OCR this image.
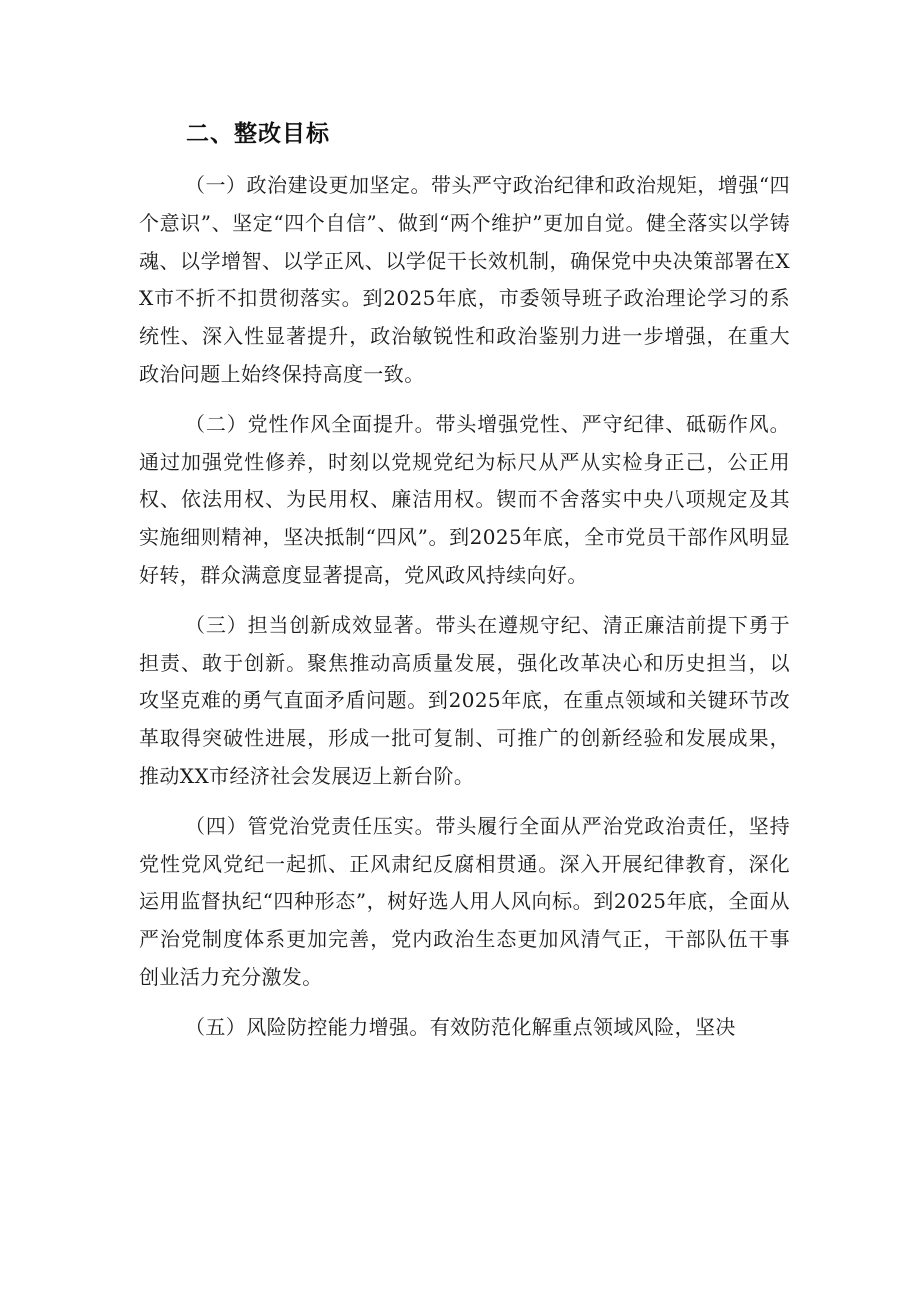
二、整改目标

（一）政治建设更加坚定。带头严守政治纪律和政治规矩，增强“四个意识”、坚定“四个自信”、做到“两个维护”更加自觉。健全落实以学铸魂、以学增智、以学正风、以学促干长效机制，确保党中央决策部署在XX市不折不扣贯彻落实。到2025年底，市委领导班子政治理论学习的系统性、深入性显著提升，政治敏锐性和政治鉴别力进一步增强，在重大政治问题上始终保持高度一致。

（二）党性作风全面提升。带头增强党性、严守纪律、砥砺作风。通过加强党性修养，时刻以党规党纪为标尺从严从实检身正己，公正用权、依法用权、为民用权、廉洁用权。锲而不舍落实中央八项规定及其实施细则精神，坚决抵制“四风”。到2025年底，全市党员干部作风明显好转，群众满意度显著提高，党风政风持续向好。

（三）担当创新成效显著。带头在遵规守纪、清正廉洁前提下勇于担责、敢于创新。聚焦推动高质量发展，强化改革决心和历史担当，以攻坚克难的勇气直面矛盾问题。到2025年底，在重点领域和关键环节改革取得突破性进展，形成一批可复制、可推广的创新经验和发展成果，推动XX市经济社会发展迈上新台阶。

（四）管党治党责任压实。带头履行全面从严治党政治责任，坚持党性党风党纪一起抓、正风肃纪反腐相贯通。深入开展纪律教育，深化运用监督执纪“四种形态”，树好选人用人风向标。到2025年底，全面从严治党制度体系更加完善，党内政治生态更加风清气正，干部队伍干事创业活力充分激发。

（五）风险防控能力增强。有效防范化解重点领域风险，坚决
